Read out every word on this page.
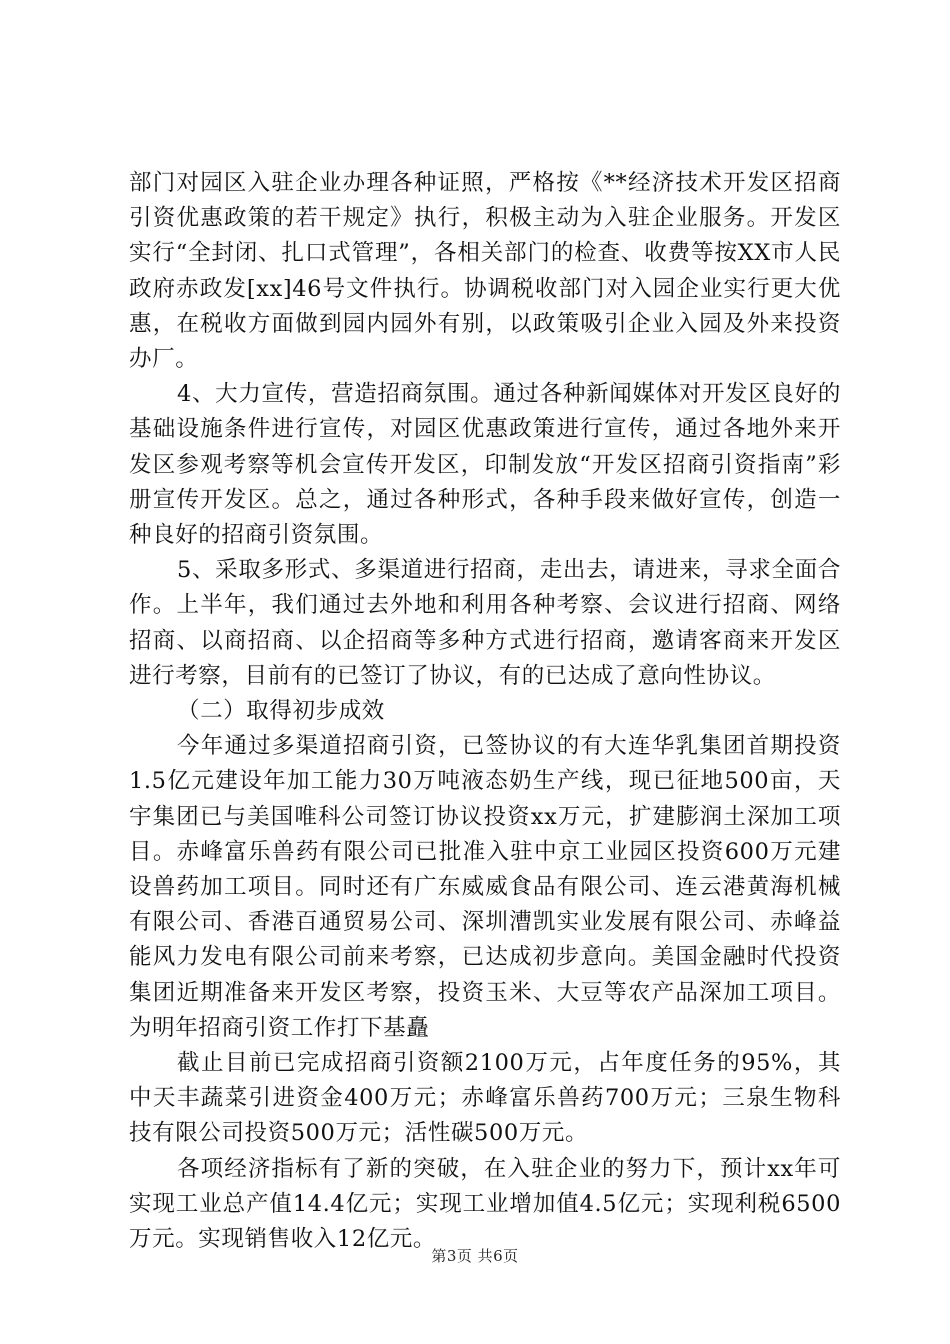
部门对园区入驻企业办理各种证照，严格按《**经济技术开发区招商引资优惠政策的若干规定》执行，积极主动为入驻企业服务。开发区实行“全封闭、扎口式管理”，各相关部门的检查、收费等按XX市人民政府赤政发[xx]46号文件执行。协调税收部门对入园企业实行更大优惠，在税收方面做到园内园外有别，以政策吸引企业入园及外来投资办厂。

4、大力宣传，营造招商氛围。通过各种新闻媒体对开发区良好的基础设施条件进行宣传，对园区优惠政策进行宣传，通过各地外来开发区参观考察等机会宣传开发区，印制发放“开发区招商引资指南”彩册宣传开发区。总之，通过各种形式，各种手段来做好宣传，创造一种良好的招商引资氛围。

5、采取多形式、多渠道进行招商，走出去，请进来，寻求全面合作。上半年，我们通过去外地和利用各种考察、会议进行招商、网络招商、以商招商、以企招商等多种方式进行招商，邀请客商来开发区进行考察，目前有的已签订了协议，有的已达成了意向性协议。

（二）取得初步成效

今年通过多渠道招商引资，已签协议的有大连华乳集团首期投资1.5亿元建设年加工能力30万吨液态奶生产线，现已征地500亩，天宇集团已与美国唯科公司签订协议投资xx万元，扩建膨润土深加工项目。赤峰富乐兽药有限公司已批准入驻中京工业园区投资600万元建设兽药加工项目。同时还有广东威威食品有限公司、连云港黄海机械有限公司、香港百通贸易公司、深圳漕凯实业发展有限公司、赤峰益能风力发电有限公司前来考察，已达成初步意向。美国金融时代投资集团近期准备来开发区考察，投资玉米、大豆等农产品深加工项目。为明年招商引资工作打下基矗

截止目前已完成招商引资额2100万元，占年度任务的95%，其中天丰蔬菜引进资金400万元；赤峰富乐兽药700万元；三泉生物科技有限公司投资500万元；活性碳500万元。

各项经济指标有了新的突破，在入驻企业的努力下，预计xx年可实现工业总产值14.4亿元；实现工业增加值4.5亿元；实现利税6500万元。实现销售收入12亿元。

第3页 共6页
